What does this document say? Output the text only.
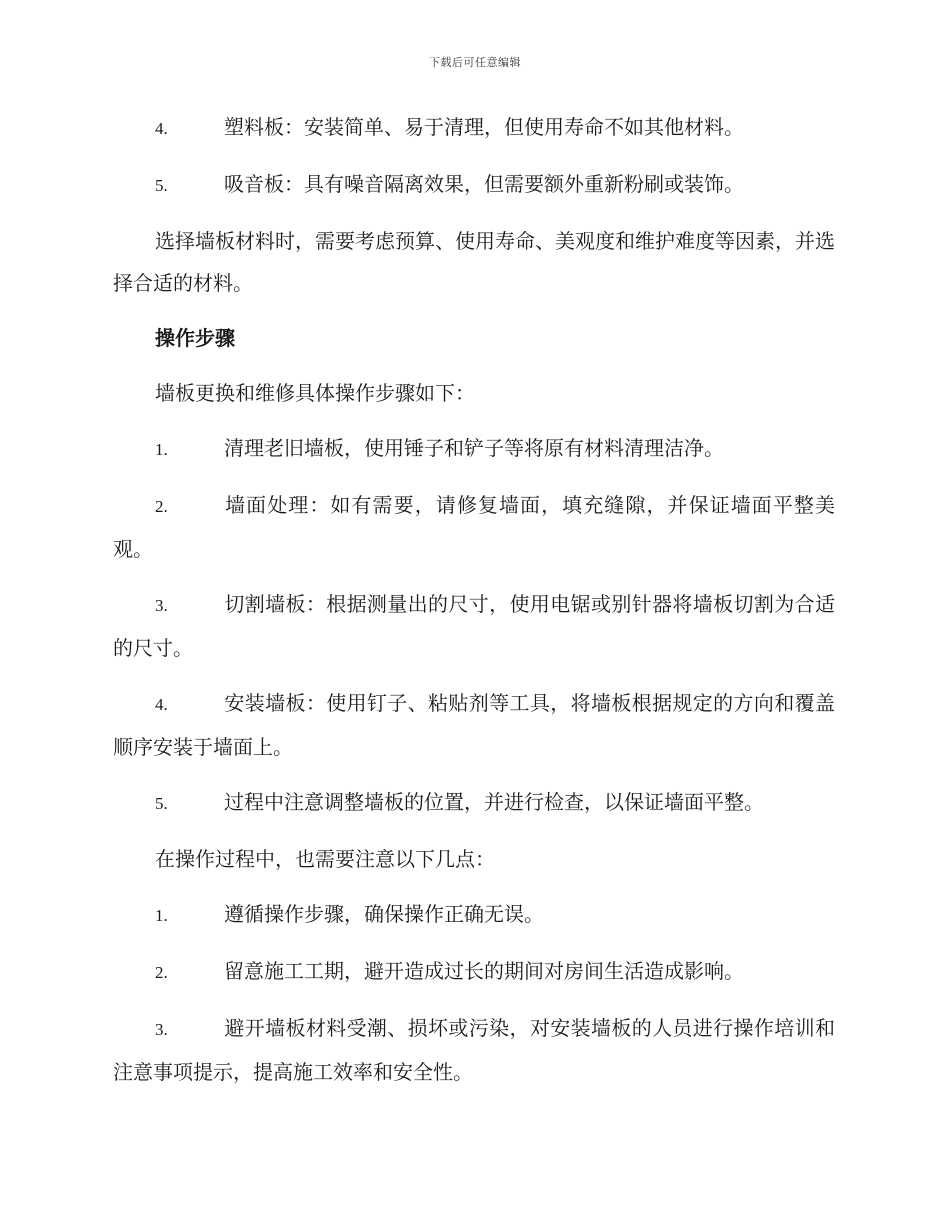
下载后可任意编辑

4.	塑料板：安装简单、易于清理，但使用寿命不如其他材料。

5.	吸音板：具有噪音隔离效果，但需要额外重新粉刷或装饰。

选择墙板材料时，需要考虑预算、使用寿命、美观度和维护难度等因素，并选择合适的材料。

操作步骤

墙板更换和维修具体操作步骤如下：

1.	清理老旧墙板，使用锤子和铲子等将原有材料清理洁净。

2.	墙面处理：如有需要，请修复墙面，填充缝隙，并保证墙面平整美观。

3.	切割墙板：根据测量出的尺寸，使用电锯或别针器将墙板切割为合适的尺寸。

4.	安装墙板：使用钉子、粘贴剂等工具，将墙板根据规定的方向和覆盖顺序安装于墙面上。

5.	过程中注意调整墙板的位置，并进行检查，以保证墙面平整。

在操作过程中，也需要注意以下几点：

1.	遵循操作步骤，确保操作正确无误。

2.	留意施工工期，避开造成过长的期间对房间生活造成影响。

3.	避开墙板材料受潮、损坏或污染，对安装墙板的人员进行操作培训和注意事项提示，提高施工效率和安全性。
